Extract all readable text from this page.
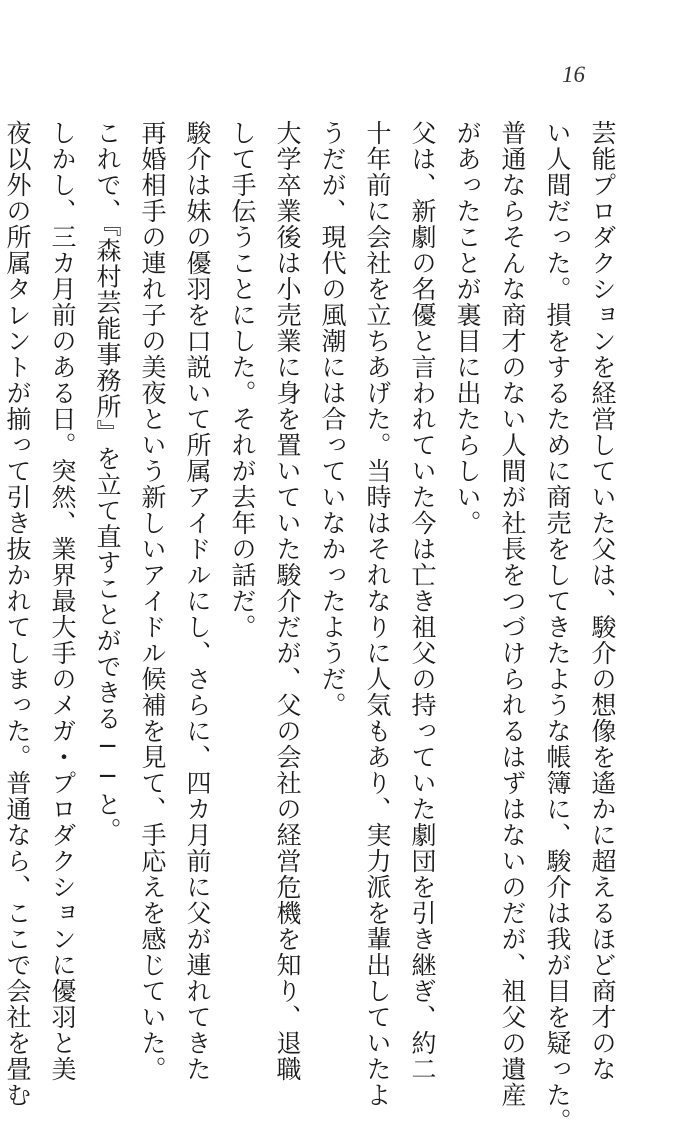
16
芸能プロダクションを経営していた父は、駿介の想像を遙かに超えるほど商才のな
い人間だった。損をするために商売をしてきたような帳簿に、駿介は我が目を疑った。
普通ならそんな商才のない人間が社長をつづけられるはずはないのだが、祖父の遺産
があったことが裏目に出たらしい。
父は、新劇の名優と言われていた今は亡き祖父の持っていた劇団を引き継ぎ、約二
十年前に会社を立ちあげた。当時はそれなりに人気もあり、実力派を輩出していたよ
うだが、現代の風潮には合っていなかったようだ。
大学卒業後は小売業に身を置いていた駿介だが、父の会社の経営危機を知り、退職
して手伝うことにした。それが去年の話だ。
駿介は妹の優羽を口説いて所属アイドルにし、さらに、四カ月前に父が連れてきた
再婚相手の連れ子の美夜という新しいアイドル候補を見て、手応えを感じていた。
これで、『森村芸能事務所』を立て直すことができる──と。
しかし、三カ月前のある日。突然、業界最大手のメガ・プロダクションに優羽と美
夜以外の所属タレントが揃って引き抜かれてしまった。普通なら、ここで会社を畳む
